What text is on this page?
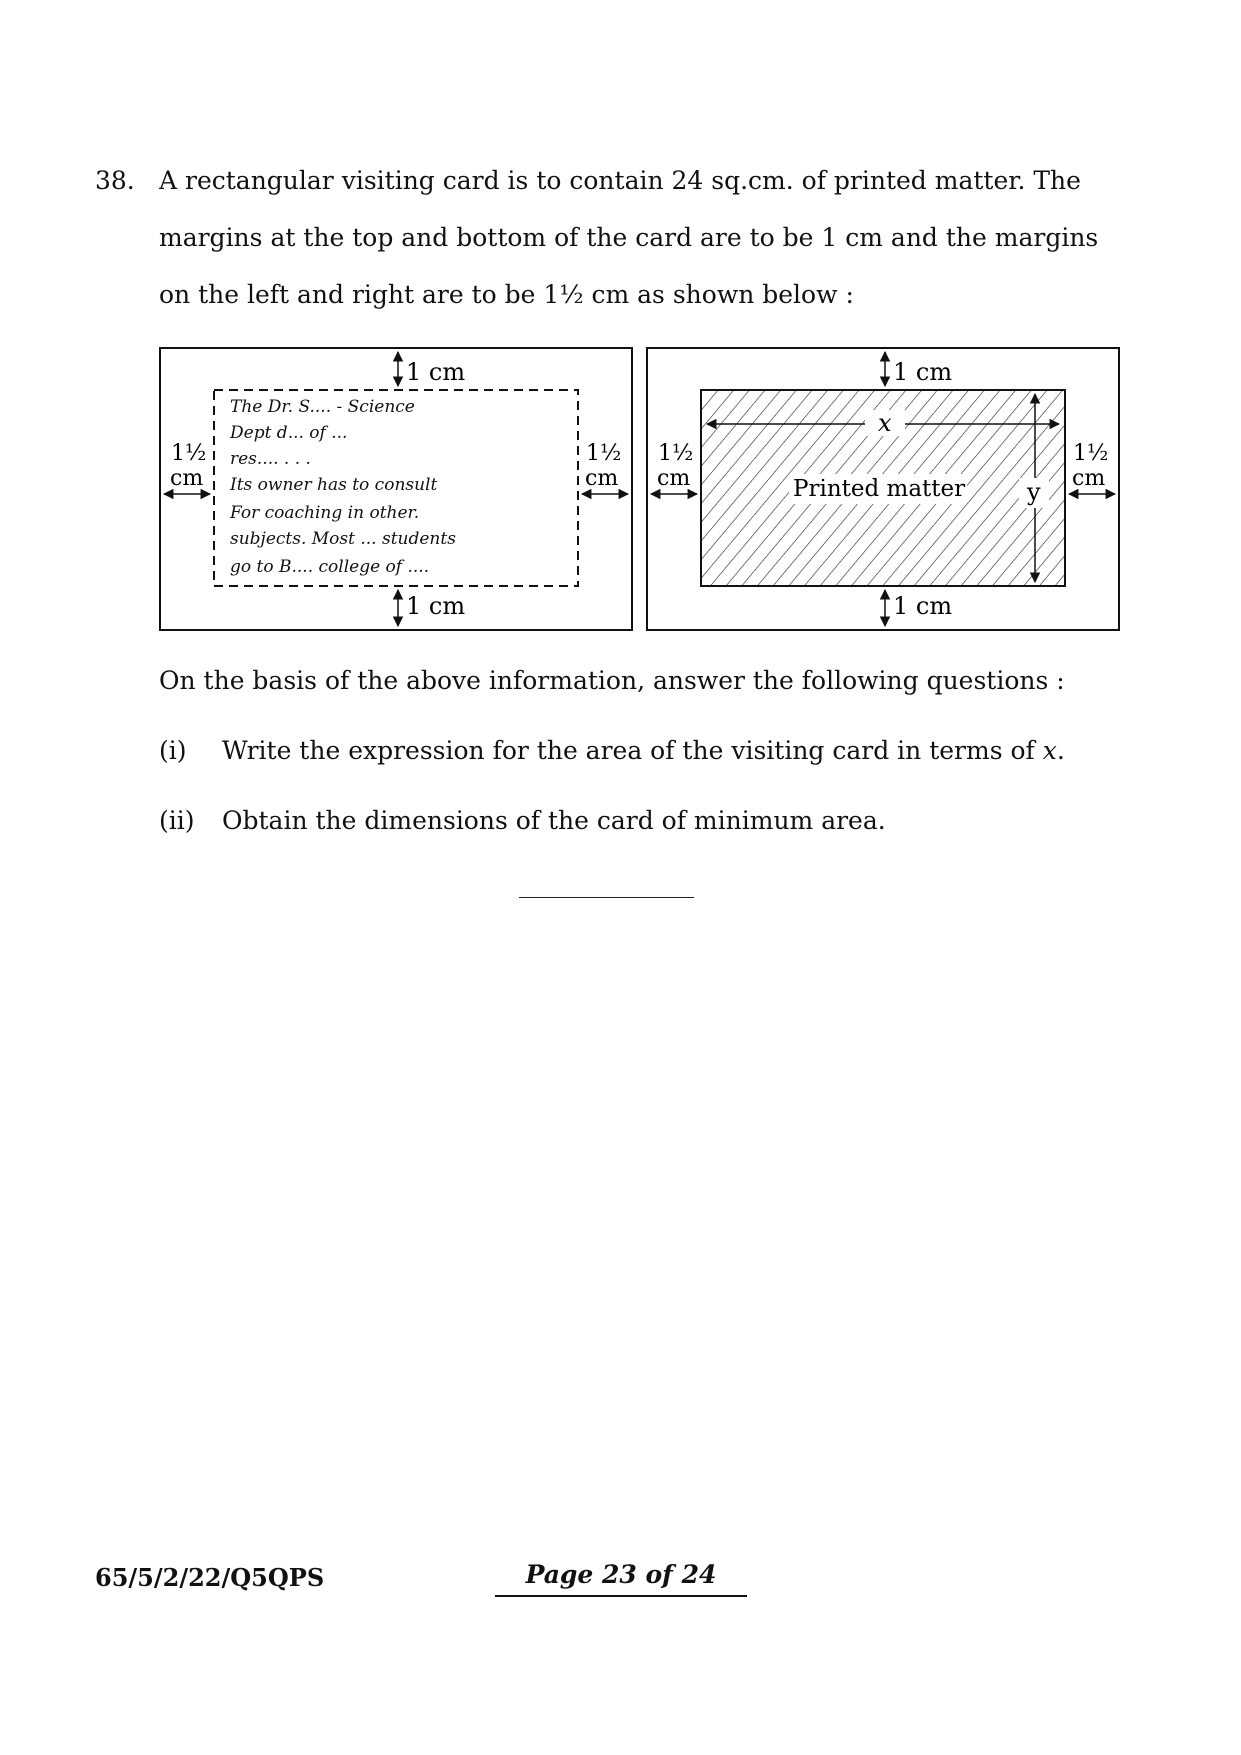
38. A rectangular visiting card is to contain 24 sq.cm. of printed matter. The
margins at the top and bottom of the card are to be 1 cm and the margins
on the left and right are to be 1½ cm as shown below :
1 cm
1 cm
1½
cm
1½
cm
The Dr. S.... - Science
Dept d... of ...
res.... . . .
Its owner has to consult
For coaching in other.
subjects. Most ... students
go to B.... college of ....
x
y
Printed matter
1 cm
1 cm
1½
cm
1½
cm
On the basis of the above information, answer the following questions :
(i) Write the expression for the area of the visiting card in terms of x.
(ii) Obtain the dimensions of the card of minimum area.
65/5/2/22/Q5QPS	Page 23 of 24
